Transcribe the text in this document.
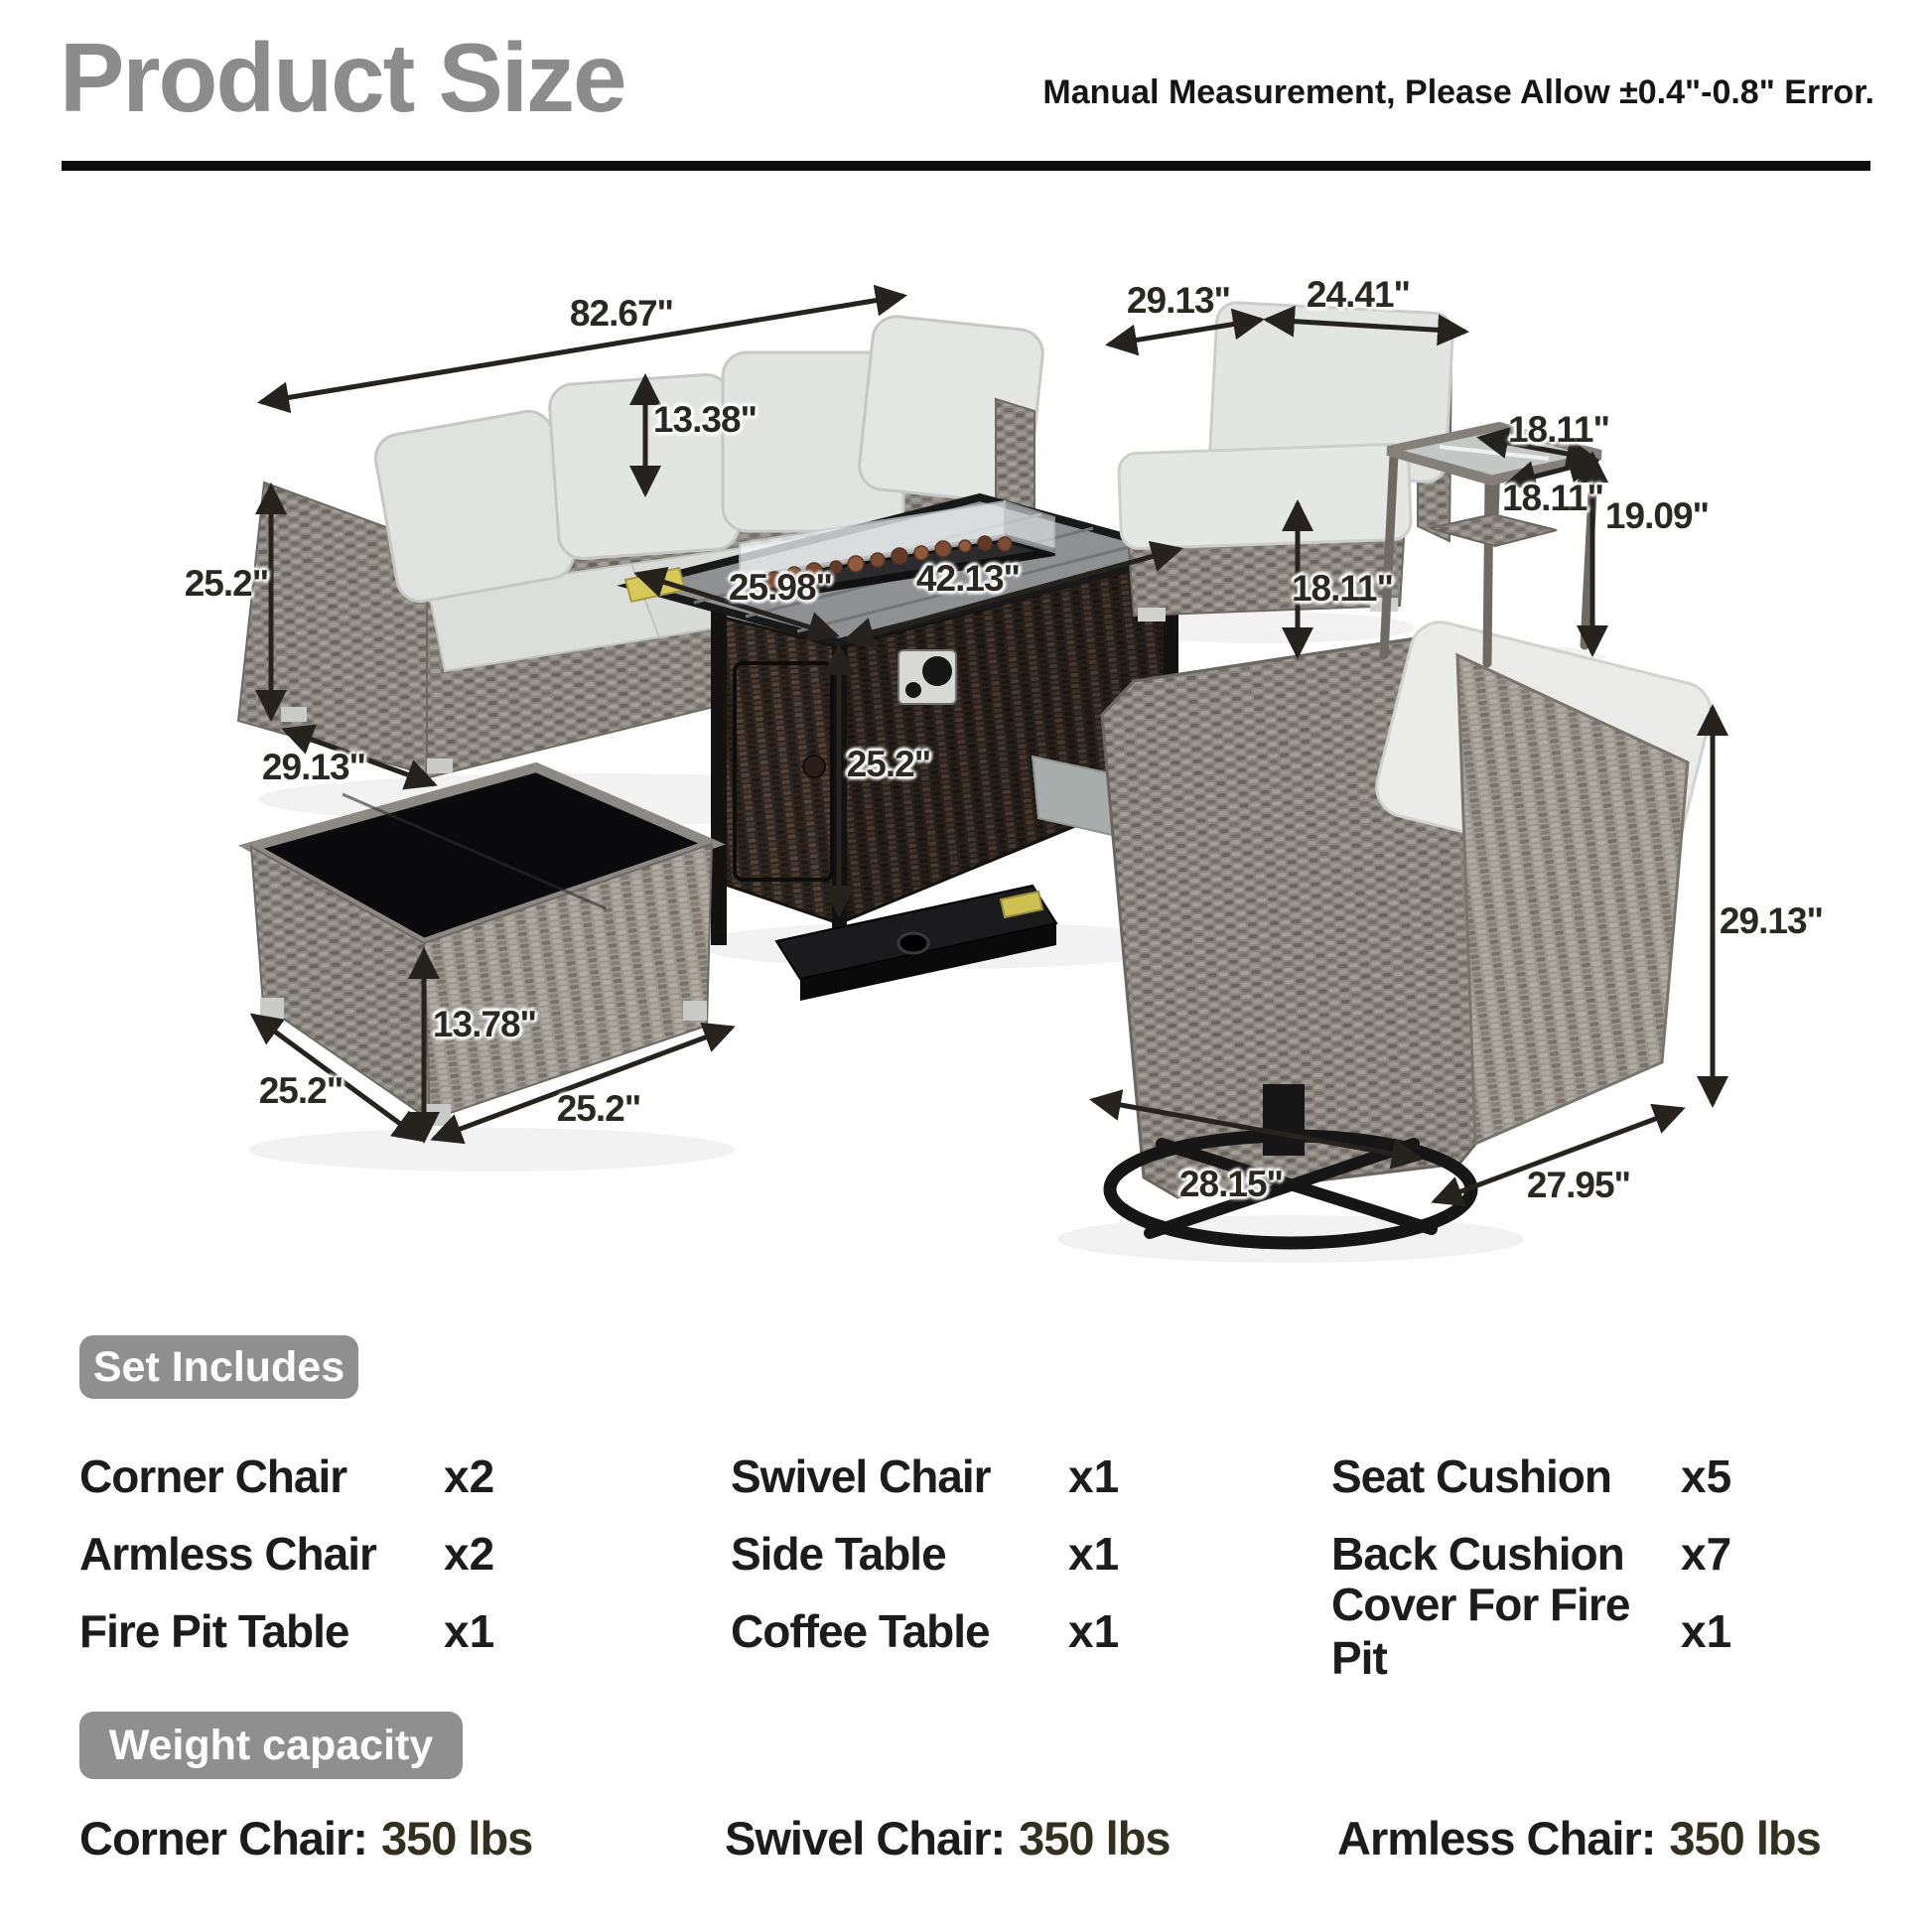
Product Size	Manual Measurement, Please Allow ±0.4"-0.8" Error.
82.67"
13.38"
25.2"
29.13"
29.13" 24.41"
18.11"
18.11"
18.11" 19.09"
25.98" 42.13"
25.2"
13.78"
25.2"	25.2"
29.13"
28.15"	27.95"
Set Includes
Corner Chair	x2
Armless Chair	x2
Fire Pit Table	x1
Swivel Chair	x1
Side Table	x1
Coffee Table	x1
Seat Cushion	x5
Back Cushion	x7
Cover For Fire Pit
x1
Weight capacity
Corner Chair: 350 lbs	Swivel Chair: 350 lbs	Armless Chair: 350 lbs
